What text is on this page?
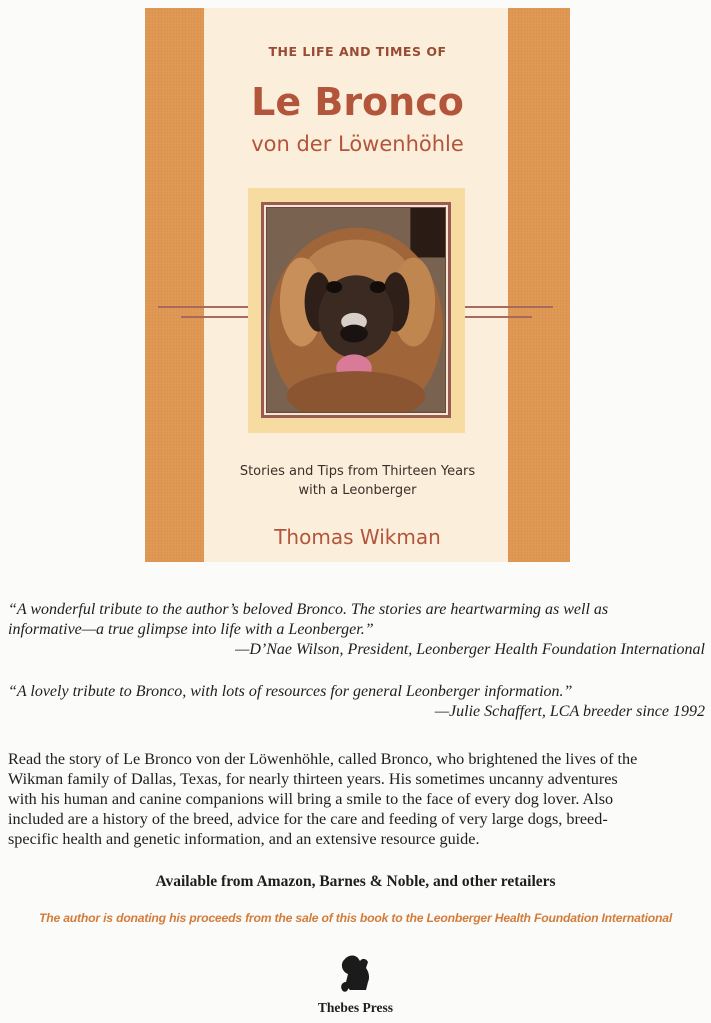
THE LIFE AND TIMES OF
Le Bronco
von der Löwenhöhle
Stories and Tips from Thirteen Years
with a Leonberger
Thomas Wikman
“A wonderful tribute to the author’s beloved Bronco. The stories are heartwarming as well as
informative—a true glimpse into life with a Leonberger.”
—D’Nae Wilson, President, Leonberger Health Foundation International
“A lovely tribute to Bronco, with lots of resources for general Leonberger information.”
—Julie Schaffert, LCA breeder since 1992
Read the story of Le Bronco von der Löwenhöhle, called Bronco, who brightened the lives of the
Wikman family of Dallas, Texas, for nearly thirteen years. His sometimes uncanny adventures
with his human and canine companions will bring a smile to the face of every dog lover. Also
included are a history of the breed, advice for the care and feeding of very large dogs, breed-
specific health and genetic information, and an extensive resource guide.
Available from Amazon, Barnes & Noble, and other retailers
The author is donating his proceeds from the sale of this book to the Leonberger Health Foundation International
Thebes Press
